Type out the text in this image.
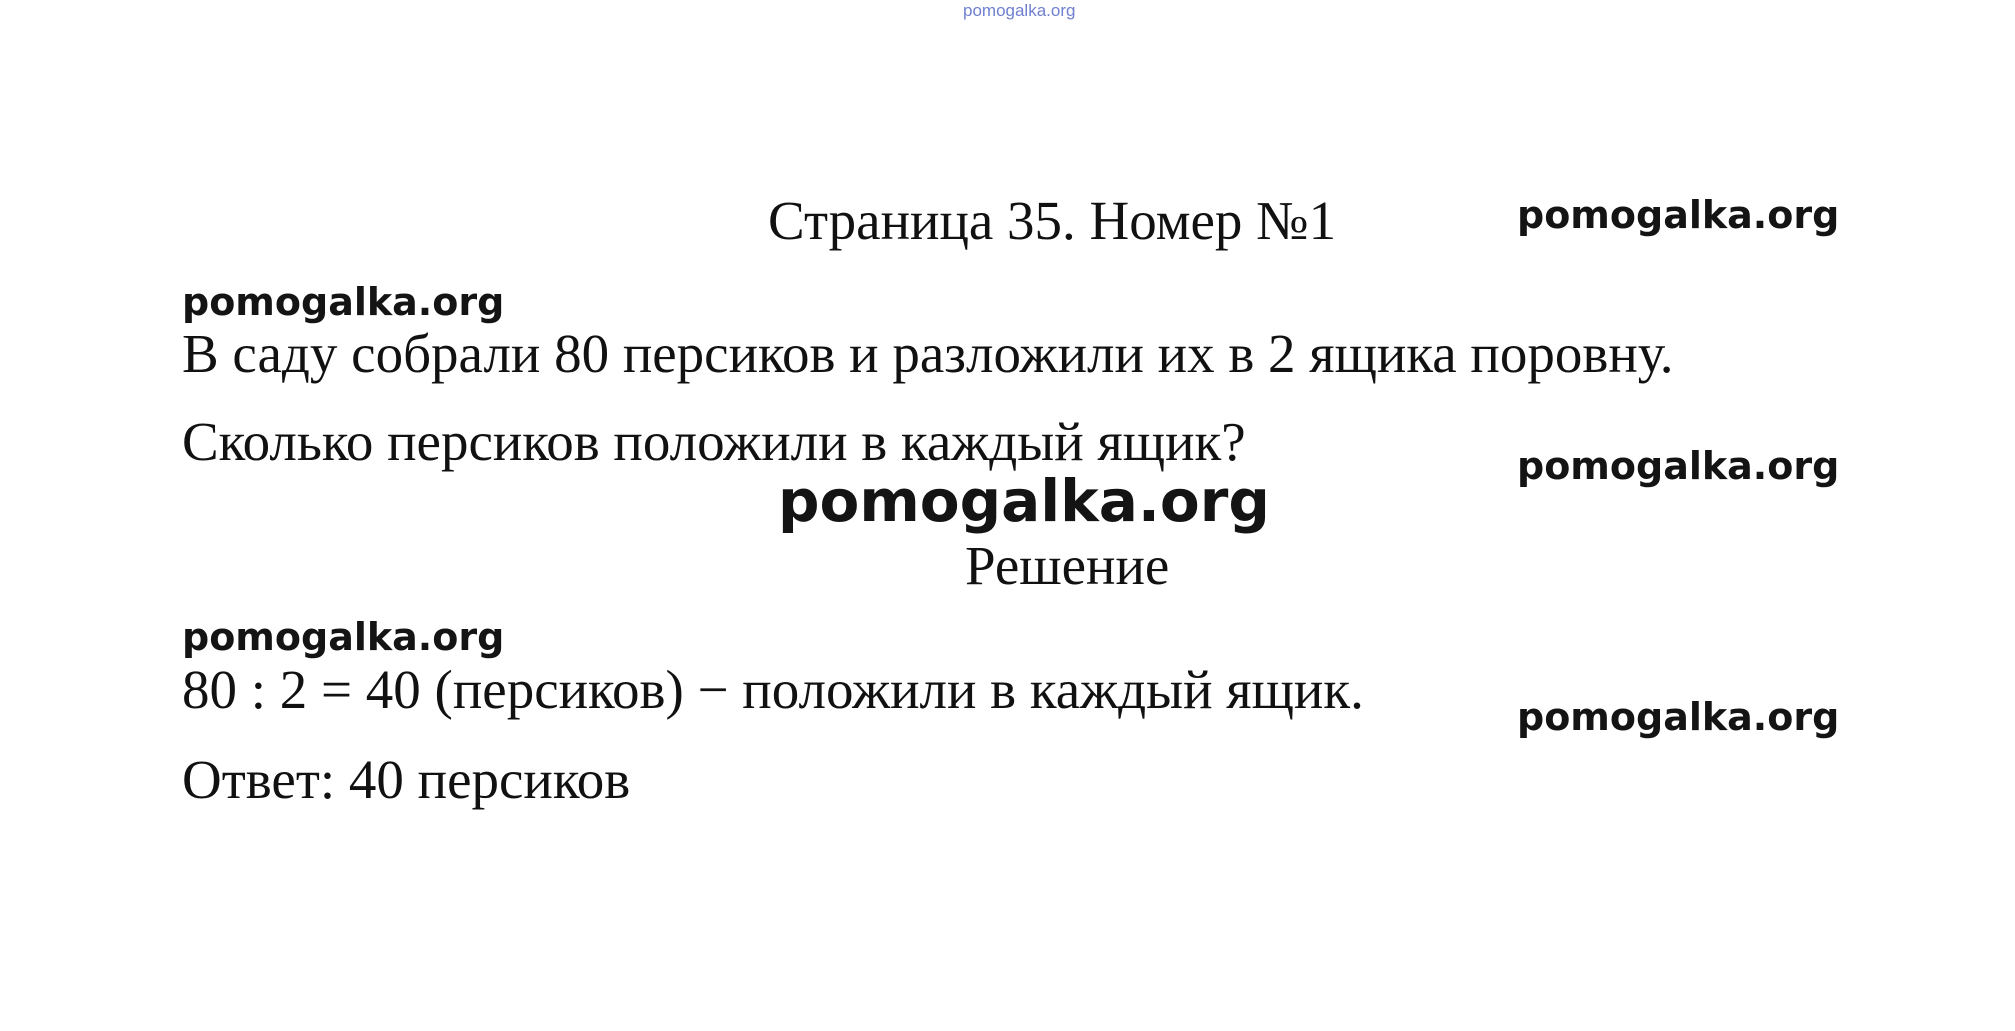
pomogalka.org
Страница 35. Номер №1	pomogalka.org
pomogalka.org
В саду собрали 80 персиков и разложили их в 2 ящика поровну.
Сколько персиков положили в каждый ящик?	pomogalka.org
pomogalka.org
Решение
pomogalka.org
80 : 2 = 40 (персиков) − положили в каждый ящик.	pomogalka.org
Ответ: 40 персиков
